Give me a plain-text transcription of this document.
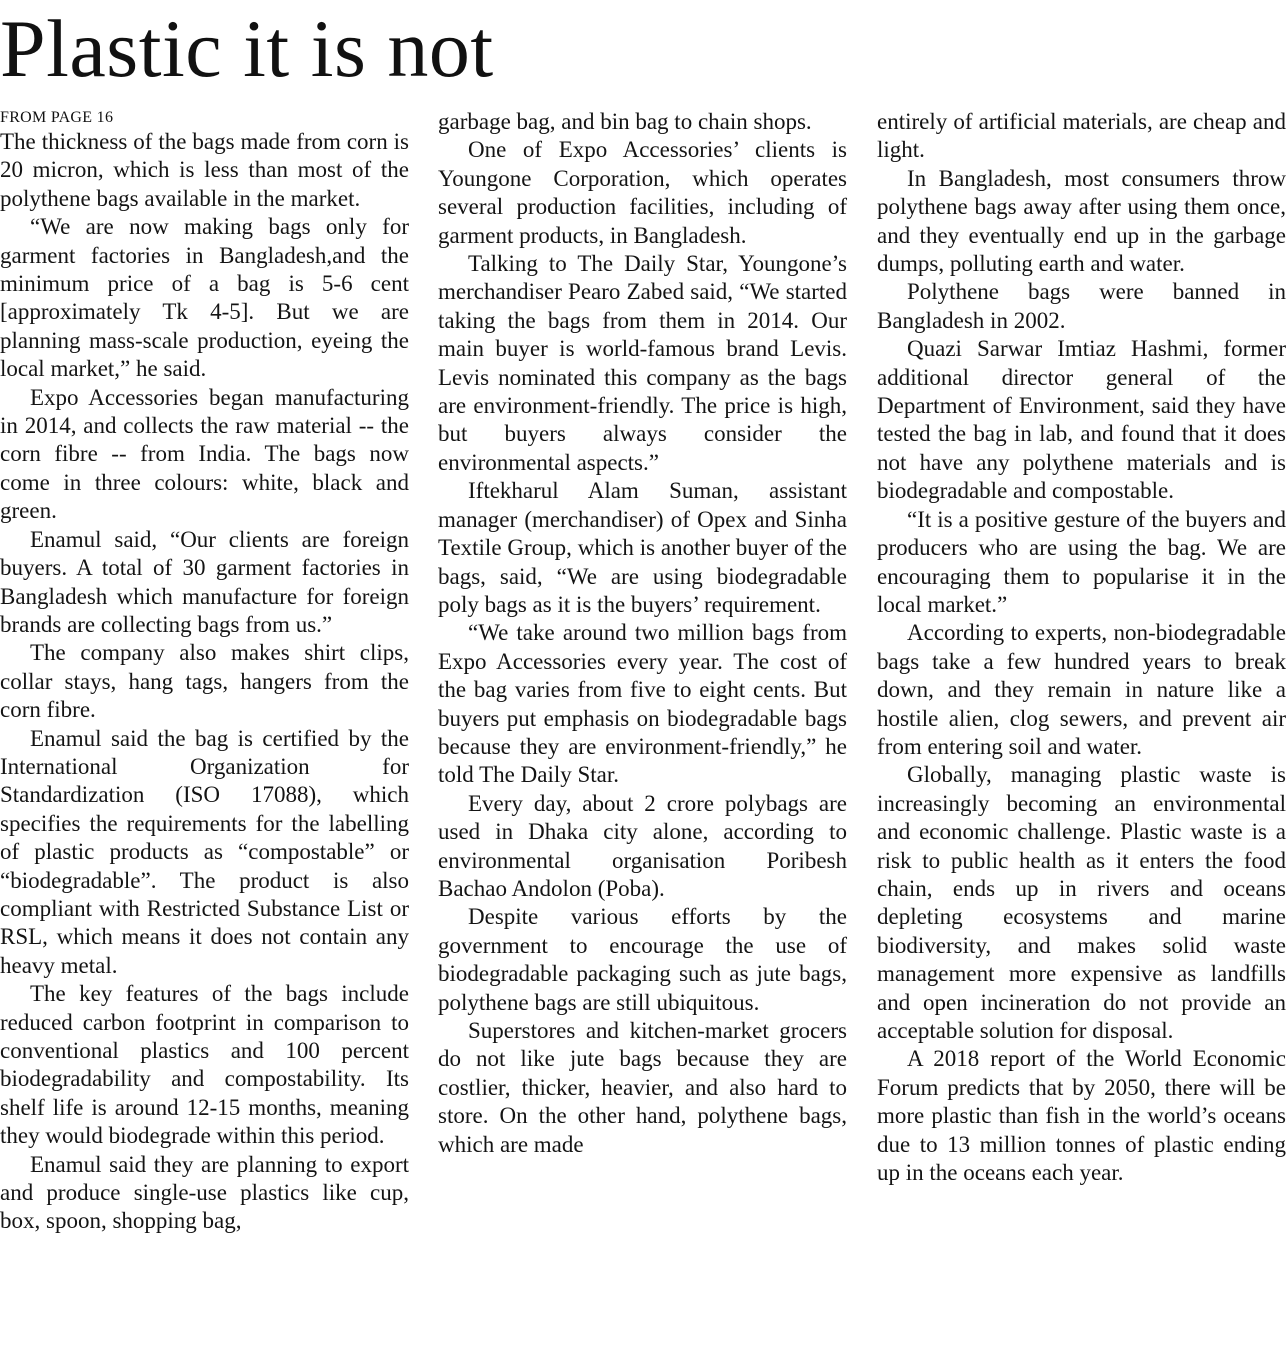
Plastic it is not
FROM PAGE 16

The thickness of the bags made from corn is 20 micron, which is less than most of the polythene bags available in the market.

“We are now making bags only for garment factories in Bangladesh,and the minimum price of a bag is 5-6 cent [approximately Tk 4-5]. But we are planning mass-scale production, eyeing the local market,” he said.

Expo Accessories began manufacturing in 2014, and collects the raw material -- the corn fibre -- from India. The bags now come in three colours: white, black and green.

Enamul said, “Our clients are foreign buyers. A total of 30 garment factories in Bangladesh which manufacture for foreign brands are collecting bags from us.”

The company also makes shirt clips, collar stays, hang tags, hangers from the corn fibre.

Enamul said the bag is certified by the International Organization for Standardization (ISO 17088), which specifies the requirements for the labelling of plastic products as “compostable” or “biodegradable”. The product is also compliant with Restricted Substance List or RSL, which means it does not contain any heavy metal.

The key features of the bags include reduced carbon footprint in comparison to conventional plastics and 100 percent biodegradability and compostability. Its shelf life is around 12-15 months, meaning they would biodegrade within this period.

Enamul said they are planning to export and produce single-use plastics like cup, box, spoon, shopping bag,

garbage bag, and bin bag to chain shops.

One of Expo Accessories’ clients is Youngone Corporation, which operates several production facilities, including of garment products, in Bangladesh.

Talking to The Daily Star, Youngone’s merchandiser Pearo Zabed said, “We started taking the bags from them in 2014. Our main buyer is world-famous brand Levis. Levis nominated this company as the bags are environment-friendly. The price is high, but buyers always consider the environmental aspects.”

Iftekharul Alam Suman, assistant manager (merchandiser) of Opex and Sinha Textile Group, which is another buyer of the bags, said, “We are using biodegradable poly bags as it is the buyers’ requirement.

“We take around two million bags from Expo Accessories every year. The cost of the bag varies from five to eight cents. But buyers put emphasis on biodegradable bags because they are environment-friendly,” he told The Daily Star.

Every day, about 2 crore polybags are used in Dhaka city alone, according to environmental organisation Poribesh Bachao Andolon (Poba).

Despite various efforts by the government to encourage the use of biodegradable packaging such as jute bags, polythene bags are still ubiquitous.

Superstores and kitchen-market grocers do not like jute bags because they are costlier, thicker, heavier, and also hard to store. On the other hand, polythene bags, which are made

entirely of artificial materials, are cheap and light.

In Bangladesh, most consumers throw polythene bags away after using them once, and they eventually end up in the garbage dumps, polluting earth and water.

Polythene bags were banned in Bangladesh in 2002.

Quazi Sarwar Imtiaz Hashmi, former additional director general of the Department of Environment, said they have tested the bag in lab, and found that it does not have any polythene materials and is biodegradable and compostable.

“It is a positive gesture of the buyers and producers who are using the bag. We are encouraging them to popularise it in the local market.”

According to experts, non-biodegradable bags take a few hundred years to break down, and they remain in nature like a hostile alien, clog sewers, and prevent air from entering soil and water.

Globally, managing plastic waste is increasingly becoming an environmental and economic challenge. Plastic waste is a risk to public health as it enters the food chain, ends up in rivers and oceans depleting ecosystems and marine biodiversity, and makes solid waste management more expensive as landfills and open incineration do not provide an acceptable solution for disposal.

A 2018 report of the World Economic Forum predicts that by 2050, there will be more plastic than fish in the world’s oceans due to 13 million tonnes of plastic ending up in the oceans each year.
